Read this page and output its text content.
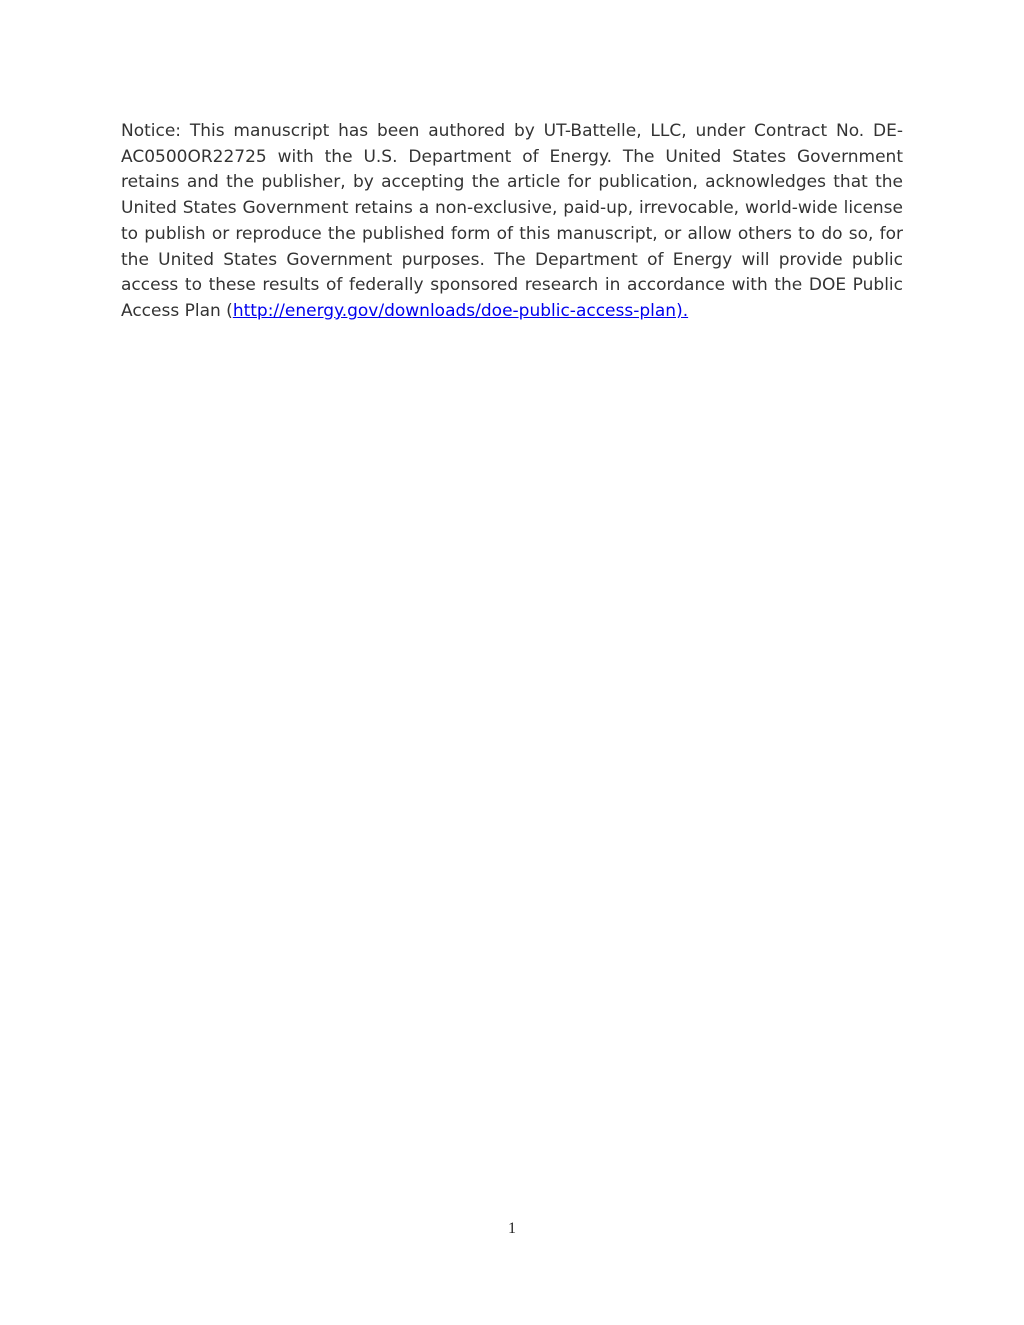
Notice: This manuscript has been authored by UT-Battelle, LLC, under Contract No. DE-AC0500OR22725 with the U.S. Department of Energy. The United States Government retains and the publisher, by accepting the article for publication, acknowledges that the United States Government retains a non-exclusive, paid-up, irrevocable, world-wide license to publish or reproduce the published form of this manuscript, or allow others to do so, for the United States Government purposes. The Department of Energy will provide public access to these results of federally sponsored research in accordance with the DOE Public Access Plan (http://energy.gov/downloads/doe-public-access-plan).

1
